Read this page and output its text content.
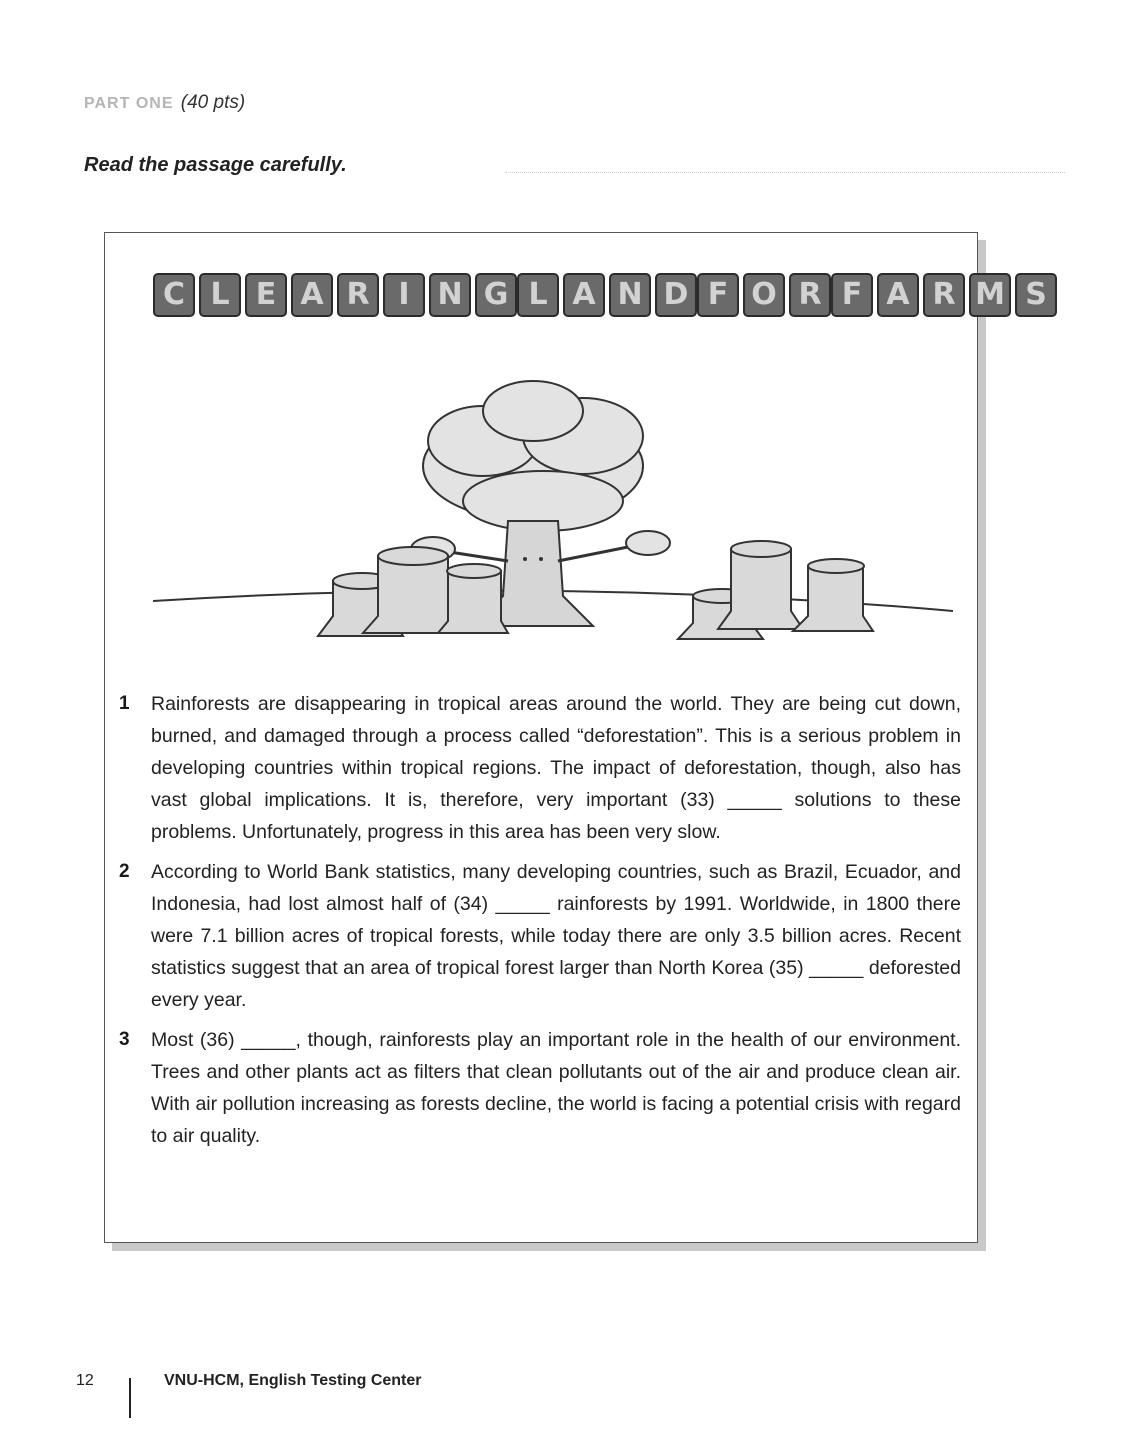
PART ONE (40 pts)
Read the passage carefully.
C L E A R I N G L A N D F O R F A R M S
1	Rainforests are disappearing in tropical areas around the world. They are being cut down, burned, and damaged through a process called “deforestation”. This is a serious problem in developing countries within tropical regions. The impact of deforestation, though, also has vast global implications. It is, therefore, very important (33) _____ solutions to these problems. Unfortunately, progress in this area has been very slow.
2	According to World Bank statistics, many developing countries, such as Brazil, Ecuador, and Indonesia, had lost almost half of (34) _____ rainforests by 1991. Worldwide, in 1800 there were 7.1 billion acres of tropical forests, while today there are only 3.5 billion acres. Recent statistics suggest that an area of tropical forest larger than North Korea (35) _____ deforested every year.
3	Most (36) _____, though, rainforests play an important role in the health of our environment. Trees and other plants act as filters that clean pollutants out of the air and produce clean air. With air pollution increasing as forests decline, the world is facing a potential crisis with regard to air quality.
12	VNU-HCM, English Testing Center
